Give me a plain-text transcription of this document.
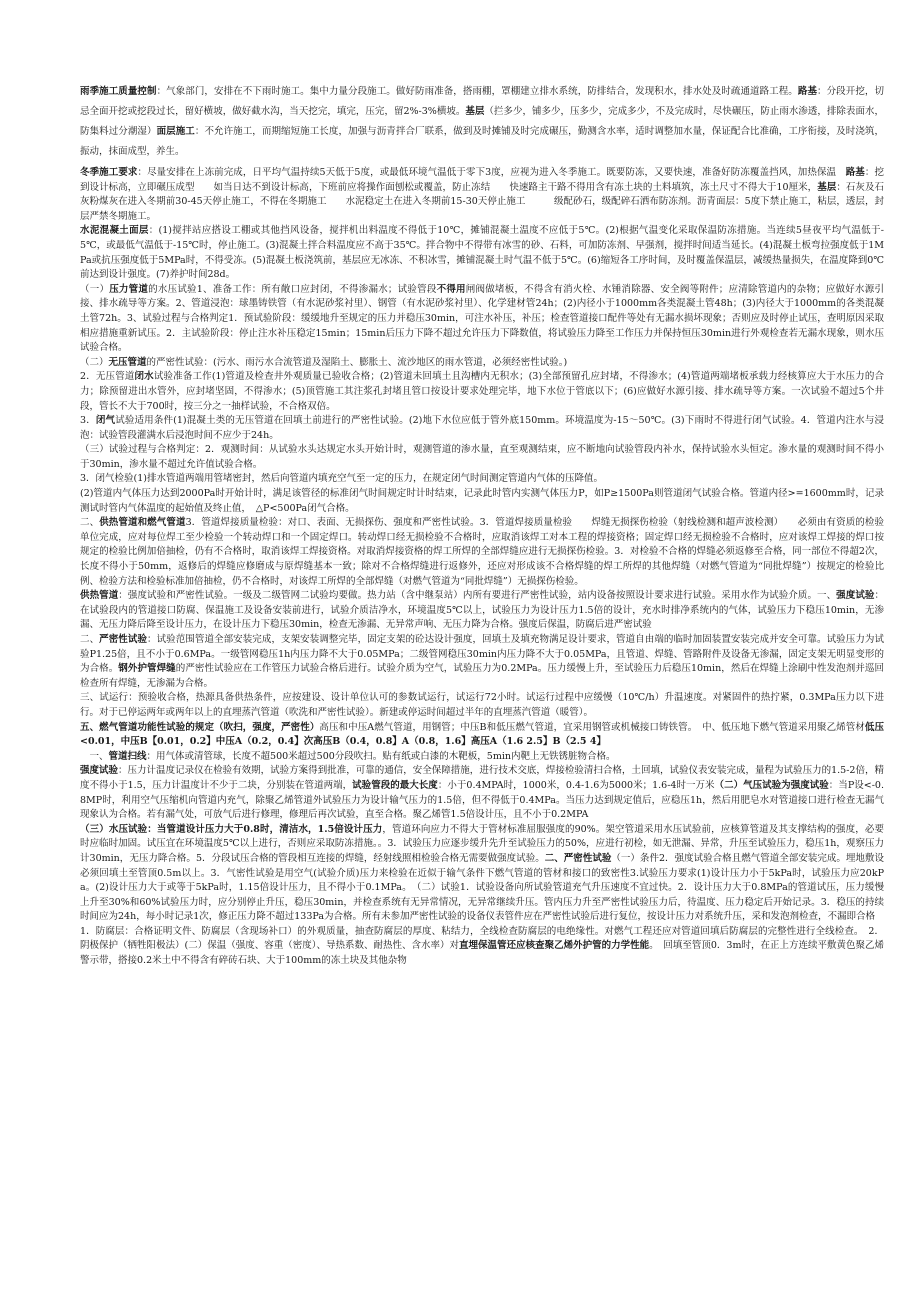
雨季施工质量控制：气象部门，安排在不下雨时施工。集中力量分段施工。做好防雨准备，搭雨棚，罩棚建立排水系统，防排结合，发现积水，排水处及时疏通道路工程。路基：分段开挖，切忌全面开挖或挖段过长，留好横坡，做好截水沟，当天挖完，填完，压完，留2%-3%横坡。基层（拦多少，铺多少，压多少，完成多少，不及完成时，尽快碾压，防止雨水渗透，排除表面水，防集料过分潮湿）面层施工：不允许施工，而期缩短施工长度，加强与沥青拌合厂联系，做到及时摊铺及时完成碾压，勤测含水率，适时调整加水量，保证配合比准确，工序衔接，及时浇筑，振动，抹面成型，养生。

冬季施工要求：尽量安排在上冻前完成，日平均气温持续5天低于5度，或最低环境气温低于零下3度，应视为进入冬季施工。既要防冻，又要快速，准备好防冻覆盖挡风，加热保温　路基：挖到设计标高，立即碾压成型　　如当日达不到设计标高，下班前应将操作面刨松或覆盖，防止冻结　　快速路主干路不得用含有冻土块的土料填筑，冻土尺寸不得大于10厘米，基层：石灰及石灰粉煤灰在进入冬期前30-45天停止施工，不得在冬期施工　　水泥稳定土在进入冬期前15-30天停止施工　　　级配砂石，级配碎石洒布防冻剂。沥青面层：5度下禁止施工，粘层，透层，封层严禁冬期施工。

水泥混凝土面层：(1)搅拌站应搭设工棚或其他挡风设备，搅拌机出料温度不得低于10℃，摊铺混凝土温度不应低于5℃。(2)根据气温变化采取保温防冻措施。当连续5昼夜平均气温低于-5℃，或最低气温低于-15℃时，停止施工。(3)混凝土拌合料温度应不高于35℃。拌合物中不得带有冰雪的砂、石料，可加防冻剂、早强剂，搅拌时间适当延长。(4)混凝土板弯拉强度低于1MPa或抗压强度低于5MPa时，不得受冻。(5)混凝土板浇筑前，基层应无冰冻、不积冰雪，摊铺混凝土时气温不低于5℃。(6)缩短各工序时间，及时覆盖保温层，减缓热量损失，在温度降到0℃前达到设计强度。(7)养护时间28d。

（一）压力管道的水压试验1、准备工作：所有敞口应封闭，不得渗漏水；试验管段不得用闸阀做堵板，不得含有消火栓、水锤消除器、安全阀等附件；应清除管道内的杂物；应做好水源引接、排水疏导等方案。2、管道浸泡：球墨铸铁管（有水泥砂浆衬里）、钢管（有水泥砂浆衬里）、化学建材管24h；(2)内径小于1000mm各类混凝土管48h；(3)内径大于1000mm的各类混凝土管72h。3、试验过程与合格判定1．预试验阶段：缓缓地升至规定的压力并稳压30min，可注水补压，补压；检查管道接口配件等处有无漏水损坏现象；否则应及时停止试压，查明原因采取相应措施重新试压。2．主试验阶段：停止注水补压稳定15min；15min后压力下降不超过允许压力下降数值，将试验压力降至工作压力并保持恒压30min进行外观检查若无漏水现象，则水压试验合格。

（二）无压管道的严密性试验：(污水、雨污水合流管道及湿陷土、膨胀土、流沙地区的雨水管道，必须经密性试验。)

2．无压管道闭水试验准备工作(1)管道及检查井外观质量已验收合格；(2)管道未回填土且沟槽内无积水；(3)全部预留孔应封堵，不得渗水；(4)管道两端堵板承载力经核算应大于水压力的合力；除预留进出水管外，应封堵坚固，不得渗水；(5)顶管施工其注浆孔封堵且管口按设计要求处理完毕，地下水位于管底以下；(6)应做好水源引接、排水疏导等方案。一次试验不超过5个井段，管长不大于700时，按三分之一抽样试验，不合格双倍。

3．闭气试验适用条件(1)混凝土类的无压管道在回填土前进行的严密性试验。(2)地下水位应低于管外底150mm。环境温度为-15～50℃。(3)下雨时不得进行闭气试验。4．管道内注水与浸泡：试验管段灌满水后浸泡时间不应少于24h。

（三）试验过程与合格判定：2．观测时间：从试验水头达规定水头开始计时，观测管道的渗水量，直至观测结束，应不断地向试验管段内补水，保持试验水头恒定。渗水量的观测时间不得小于30min，渗水量不超过允许值试验合格。

3．闭气检验(1)排水管道两端用管堵密封，然后向管道内填充空气至一定的压力，在规定闭气时间测定管道内气体的压降值。

(2)管道内气体压力达到2000Pa时开始计时，满足该管径的标准闭气时间规定时计时结束，记录此时管内实测气体压力P，如P≥1500Pa则管道闭气试验合格。管道内径>=1600mm时，记录测试时管内气体温度的起始值及终止值，　△P<500Pa闭气合格。

二、供热管道和燃气管道3．管道焊接质量检验：对口、表面、无损探伤、强度和严密性试验。3．管道焊接质量检验　　焊缝无损探伤检验（射线检测和超声波检测）　　必须由有资质的检验单位完成，应对每位焊工至少检验一个转动焊口和一个固定焊口。转动焊口经无损检验不合格时，应取消该焊工对本工程的焊接资格；固定焊口经无损检验不合格时，应对该焊工焊接的焊口按规定的检验比例加倍抽检，仍有不合格时，取消该焊工焊接资格。对取消焊接资格的焊工所焊的全部焊缝应进行无损探伤检验。3．对检验不合格的焊缝必须返修至合格，同一部位不得超2次，长度不得小于50mm，返修后的焊缝应修磨成与原焊缝基本一致；除对不合格焊缝进行返修外，还应对形成该不合格焊缝的焊工所焊的其他焊缝（对燃气管道为“同批焊缝”）按规定的检验比例、检验方法和检验标准加倍抽检，仍不合格时，对该焊工所焊的全部焊缝（对燃气管道为“同批焊缝”）无损探伤检验。

供热管道：强度试验和严密性试验。一级及二级管网二试验均要做。热力站（含中继泵站）内所有要进行严密性试验，站内设备按照设计要求进行试验。采用水作为试验介质。一、强度试验：在试验段内的管道接口防腐、保温施工及设备安装前进行，试验介质洁净水，环境温度5℃以上，试验压力为设计压力1.5倍的设计，充水时排净系统内的气体，试验压力下稳压10min，无渗漏、无压力降后降至设计压力，在设计压力下稳压30min，检查无渗漏、无异常声响、无压力降为合格。强度后保温，防腐后进严密试验

二、严密性试验：试验范围管道全部安装完成，支架安装调整完毕，固定支架的砼达设计强度，回填土及填充物满足设计要求，管道自由端的临时加固装置安装完成并安全可靠。试验压力为试验P1.25倍，且不小于0.6MPa。一级管网稳压1h内压力降不大于0.05MPa；二级管网稳压30min内压力降不大于0.05MPa，且管道、焊缝、管路附件及设备无渗漏，固定支架无明显变形的为合格。钢外护管焊缝的严密性试验应在工作管压力试验合格后进行。试验介质为空气，试验压力为0.2MPa。压力缓慢上升，至试验压力后稳压10min，然后在焊缝上涂刷中性发泡剂并巡回检查所有焊缝，无渗漏为合格。

三、试运行：预验收合格，热源具备供热条件，应按建设、设计单位认可的参数试运行，试运行72小时。试运行过程中应缓慢（10℃/h）升温速度。对紧固件的热拧紧，0.3MPa压力以下进行。对于已停运两年或两年以上的直埋蒸汽管道（吹洗和严密性试验）。新建或停运时间超过半年的直埋蒸汽管道（暖管）。

五、燃气管道功能性试验的规定（吹扫，强度，严密性）高压和中压A燃气管道，用钢管；中压B和低压燃气管道，宜采用钢管或机械接口铸铁管。　中、低压地下燃气管道采用聚乙烯管材低压<0.01，中压B【0.01，0.2】中压A（0.2，0.4】次高压B（0.4，0.8】A（0.8，1.6】高压A（1.6 2.5】B（2.5 4】

　一、管道扫线：用气体或清管球，长度不超500米超过500分段吹扫。贴有纸或白漆的木靶板，5min内靶上无铁锈脏物合格。

强度试验：压力计温度记录仪在检验有效期，试验方案得到批准，可靠的通信，安全保障措施，进行技术交底，焊接检验清扫合格，土回填，试验仪表安装完成，量程为试验压力的1.5-2倍，精度不得小于1.5，压力计温度计不少于二块，分别装在管道两端，试验管段的最大长度：小于0.4MPA时，1000米，0.4-1.6为5000米；1.6-4时一万米（二）气压试验为强度试验：当P设<-0.8MP时，利用空气压缩机向管道内充气，除聚乙烯管道外试验压力为设计输气压力的1.5倍，但不得低于0.4MPa。当压力达到规定值后，应稳压1h，然后用肥皂水对管道接口进行检查无漏气现象认为合格。若有漏气处，可放气后进行修理，修理后再次试验，直至合格。聚乙烯管1.5倍设计压，且不小于0.2MPA

（三）水压试验：当管道设计压力大于0.8时，清洁水，1.5倍设计压力，管道环向应力不得大于管材标准屈服强度的90%。架空管道采用水压试验前，应核算管道及其支撑结构的强度，必要时应临时加固。试压宜在环境温度5℃以上进行，否则应采取防冻措施。。3．试验压力应逐步缓升先升至试验压力的50%，应进行初检，如无泄漏、异常，升压至试验压力，稳压1h，观察压力计30min，无压力降合格。5．分段试压合格的管段相互连接的焊缝，经射线照相检验合格无需要做强度试验。二、严密性试验（一）条件2．强度试验合格且燃气管道全部安装完成。埋地敷设必须回填土至管顶0.5m以上。3．气密性试验是用空气(试验介质)压力来检验在近似于输气条件下燃气管道的管材和接口的致密性3.试验压力要求(1)设计压力小于5kPa时，试验压力应20kPa。(2)设计压力大于或等于5kPa时，1.15倍设计压力，且不得小于0.1MPa。　（二）试验1．试验设备向所试验管道充气升压速度不宜过快。2．设计压力大于0.8MPa的管道试压，压力缓慢上升至30%和60%试验压力时，应分别停止升压，稳压30min，并检查系统有无异常情况，无异常继续升压。管内压力升至严密性试验压力后，待温度、压力稳定后开始记录。3．稳压的持续时间应为24h，每小时记录1次，修正压力降不超过133Pa为合格。所有未参加严密性试验的设备仪表管件应在严密性试验后进行复位，按设计压力对系统升压，采和发泡剂检查，不漏即合格

1．防腐层：合格证明文件、防腐层（含现场补口）的外观质量，抽查防腐层的厚度、粘结力，全线检查防腐层的电绝缘性。对燃气工程还应对管道回填后防腐层的完整性进行全线检查。　2．阴极保护（牺牲阳极法）(二）保温（强度、容重（密度）、导热系数、耐热性、含水率）对直埋保温管还应核查聚乙烯外护管的力学性能。　回填至管顶0．3m时，在正上方连续平敷黄色聚乙烯警示带，搭接0.2米土中不得含有碎砖石块、大于100mm的冻土块及其他杂物
